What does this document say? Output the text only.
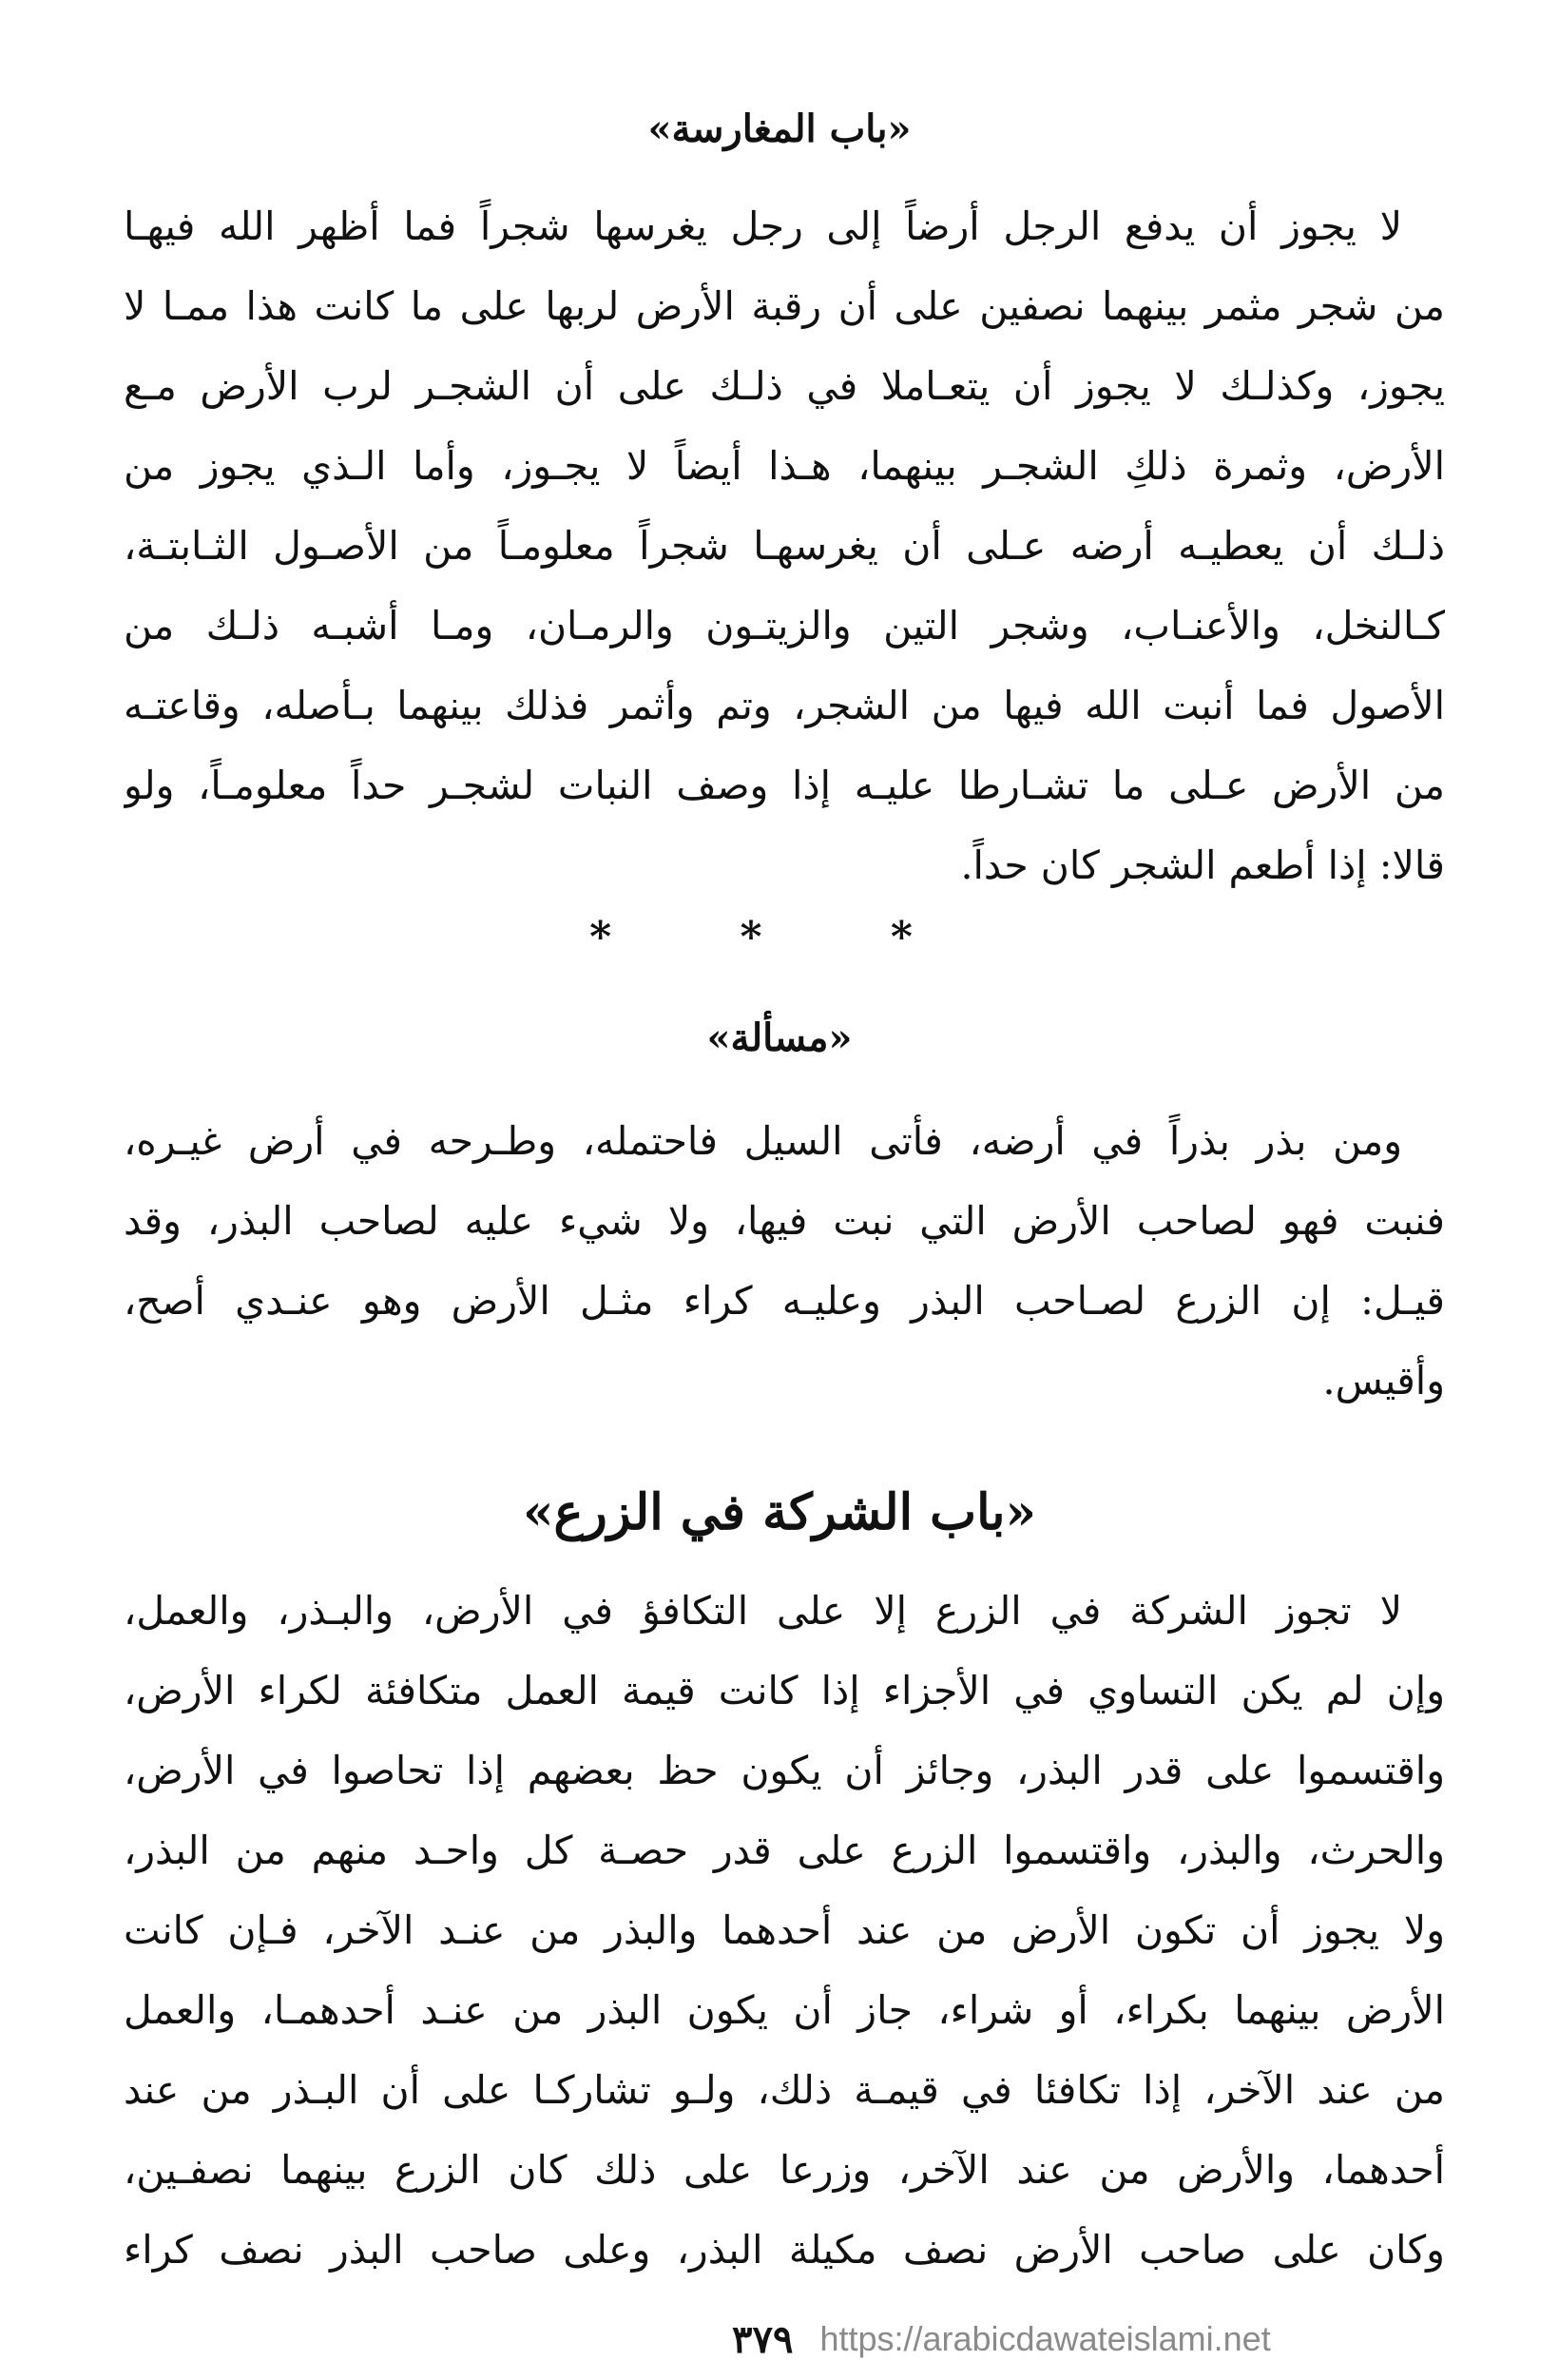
«باب المغارسة»
لا يجوز أن يدفع الرجل أرضاً إلى رجل يغرسها شجراً فما أظهر الله فيهـا
من شجر مثمر بينهما نصفين على أن رقبة الأرض لربها على ما كانت هذا ممـا لا
يجوز، وكذلـك لا يجوز أن يتعـاملا في ذلـك على أن الشجـر لرب الأرض مـع
الأرض، وثمرة ذلكِ الشجـر بينهما، هـذا أيضاً لا يجـوز، وأما الـذي يجوز من
ذلـك أن يعطيـه أرضه عـلى أن يغرسهـا شجراً معلومـاً من الأصـول الثـابتـة،
كـالنخل، والأعنـاب، وشجر التين والزيتـون والرمـان، ومـا أشبـه ذلـك من
الأصول فما أنبت الله فيها من الشجر، وتم وأثمر فذلك بينهما بـأصله، وقاعتـه
من الأرض عـلى ما تشـارطا عليـه إذا وصف النبات لشجـر حداً معلومـاً، ولو
قالا: إذا أطعم الشجر كان حداً.
* * *
«مسألة»
ومن بذر بذراً في أرضه، فأتى السيل فاحتمله، وطـرحه في أرض غيـره،
فنبت فهو لصاحب الأرض التي نبت فيها، ولا شيء عليه لصاحب البذر، وقد
قيـل: إن الزرع لصـاحب البذر وعليـه كراء مثـل الأرض وهو عنـدي أصح،
وأقيس.
«باب الشركة في الزرع»
لا تجوز الشركة في الزرع إلا على التكافؤ في الأرض، والبـذر، والعمل،
وإن لم يكن التساوي في الأجزاء إذا كانت قيمة العمل متكافئة لكراء الأرض،
واقتسموا على قدر البذر، وجائز أن يكون حظ بعضهم إذا تحاصوا في الأرض،
والحرث، والبذر، واقتسموا الزرع على قدر حصـة كل واحـد منهم من البذر،
ولا يجوز أن تكون الأرض من عند أحدهما والبذر من عنـد الآخر، فـإن كانت
الأرض بينهما بكراء، أو شراء، جاز أن يكون البذر من عنـد أحدهمـا، والعمل
من عند الآخر، إذا تكافئا في قيمـة ذلك، ولـو تشاركـا على أن البـذر من عند
أحدهما، والأرض من عند الآخر، وزرعا على ذلك كان الزرع بينهما نصفـين،
وكان على صاحب الأرض نصف مكيلة البذر، وعلى صاحب البذر نصف كراء
٣٧٩ https://arabicdawateislami.net
